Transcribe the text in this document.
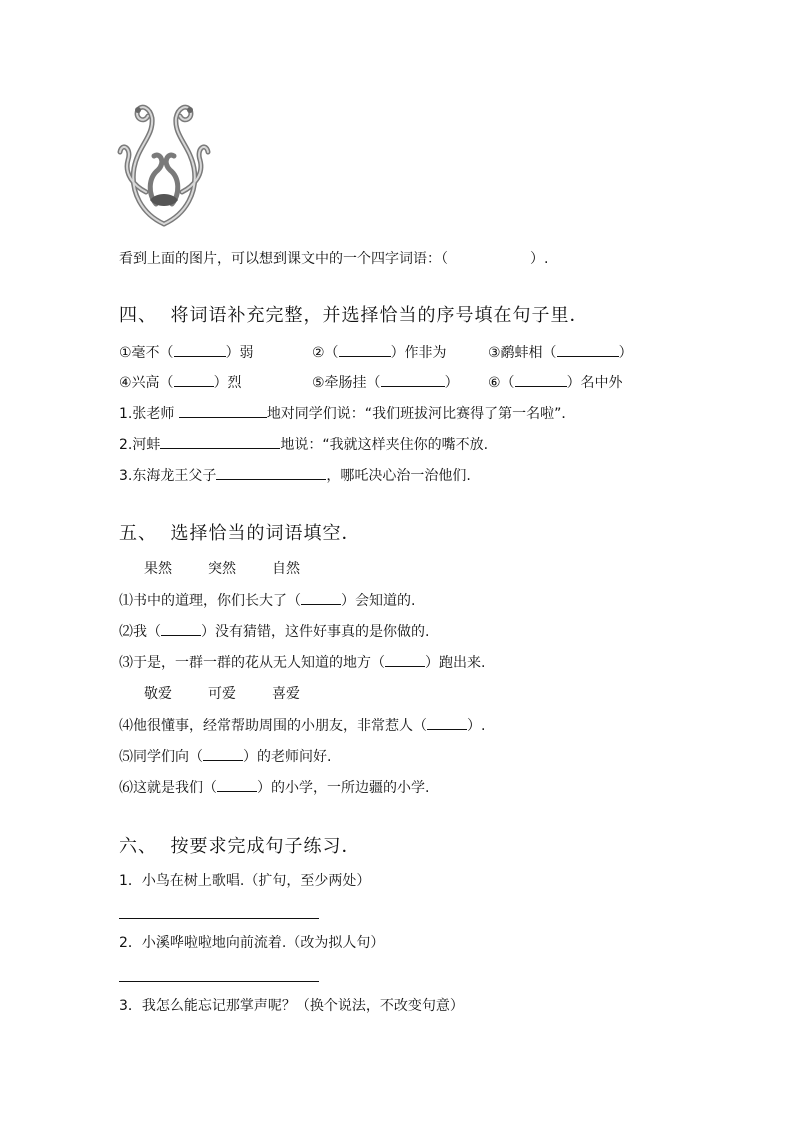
看到上面的图片，可以想到课文中的一个四字词语：（	）.
四、  将词语补充完整，并选择恰当的序号填在句子里．
①毫不（	）弱	②（	）作非为	③鹬蚌相（	）
④兴高（	）烈	⑤牵肠挂（	） ⑥（	）名中外
1.张老师	地对同学们说：“我们班拔河比赛得了第一名啦”．
2.河蚌	地说：“我就这样夹住你的嘴不放.
3.东海龙王父子	，哪吒决心治一治他们.
五、  选择恰当的词语填空．
果然	突然	自然
⑴书中的道理，你们长大了（	）会知道的.
⑵我（	）没有猜错，这件好事真的是你做的.
⑶于是，一群一群的花从无人知道的地方（	）跑出来.
敬爱	可爱	喜爱
⑷他很懂事，经常帮助周围的小朋友，非常惹人（	）.
⑸同学们向（	）的老师问好.
⑹这就是我们（	）的小学，一所边疆的小学.
六、  按要求完成句子练习．
1．小鸟在树上歌唱.（扩句，至少两处）
2．小溪哗啦啦地向前流着.（改为拟人句）
3．我怎么能忘记那掌声呢？（换个说法，不改变句意）
